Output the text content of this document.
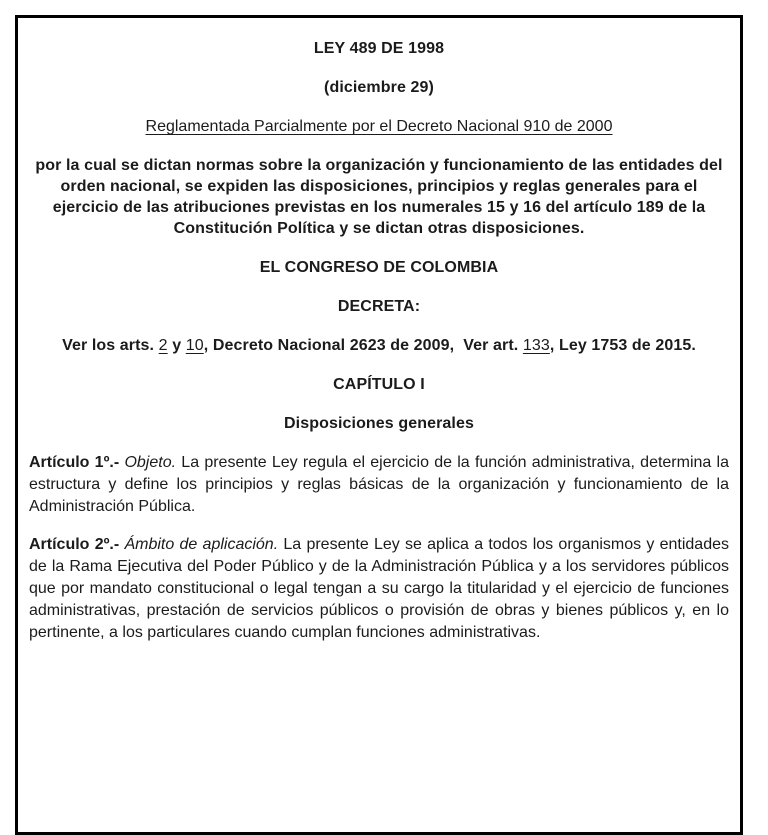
LEY 489 DE 1998
(diciembre 29)
Reglamentada Parcialmente por el Decreto Nacional 910 de 2000
por la cual se dictan normas sobre la organización y funcionamiento de las entidades del orden nacional, se expiden las disposiciones, principios y reglas generales para el ejercicio de las atribuciones previstas en los numerales 15 y 16 del artículo 189 de la Constitución Política y se dictan otras disposiciones.
EL CONGRESO DE COLOMBIA
DECRETA:
Ver los arts. 2 y 10, Decreto Nacional 2623 de 2009,  Ver art. 133, Ley 1753 de 2015.
CAPÍTULO I
Disposiciones generales

Artículo 1º.- Objeto. La presente Ley regula el ejercicio de la función administrativa, determina la estructura y define los principios y reglas básicas de la organización y funcionamiento de la Administración Pública.

Artículo 2º.- Ámbito de aplicación. La presente Ley se aplica a todos los organismos y entidades de la Rama Ejecutiva del Poder Público y de la Administración Pública y a los servidores públicos que por mandato constitucional o legal tengan a su cargo la titularidad y el ejercicio de funciones administrativas, prestación de servicios públicos o provisión de obras y bienes públicos y, en lo pertinente, a los particulares cuando cumplan funciones administrativas.
